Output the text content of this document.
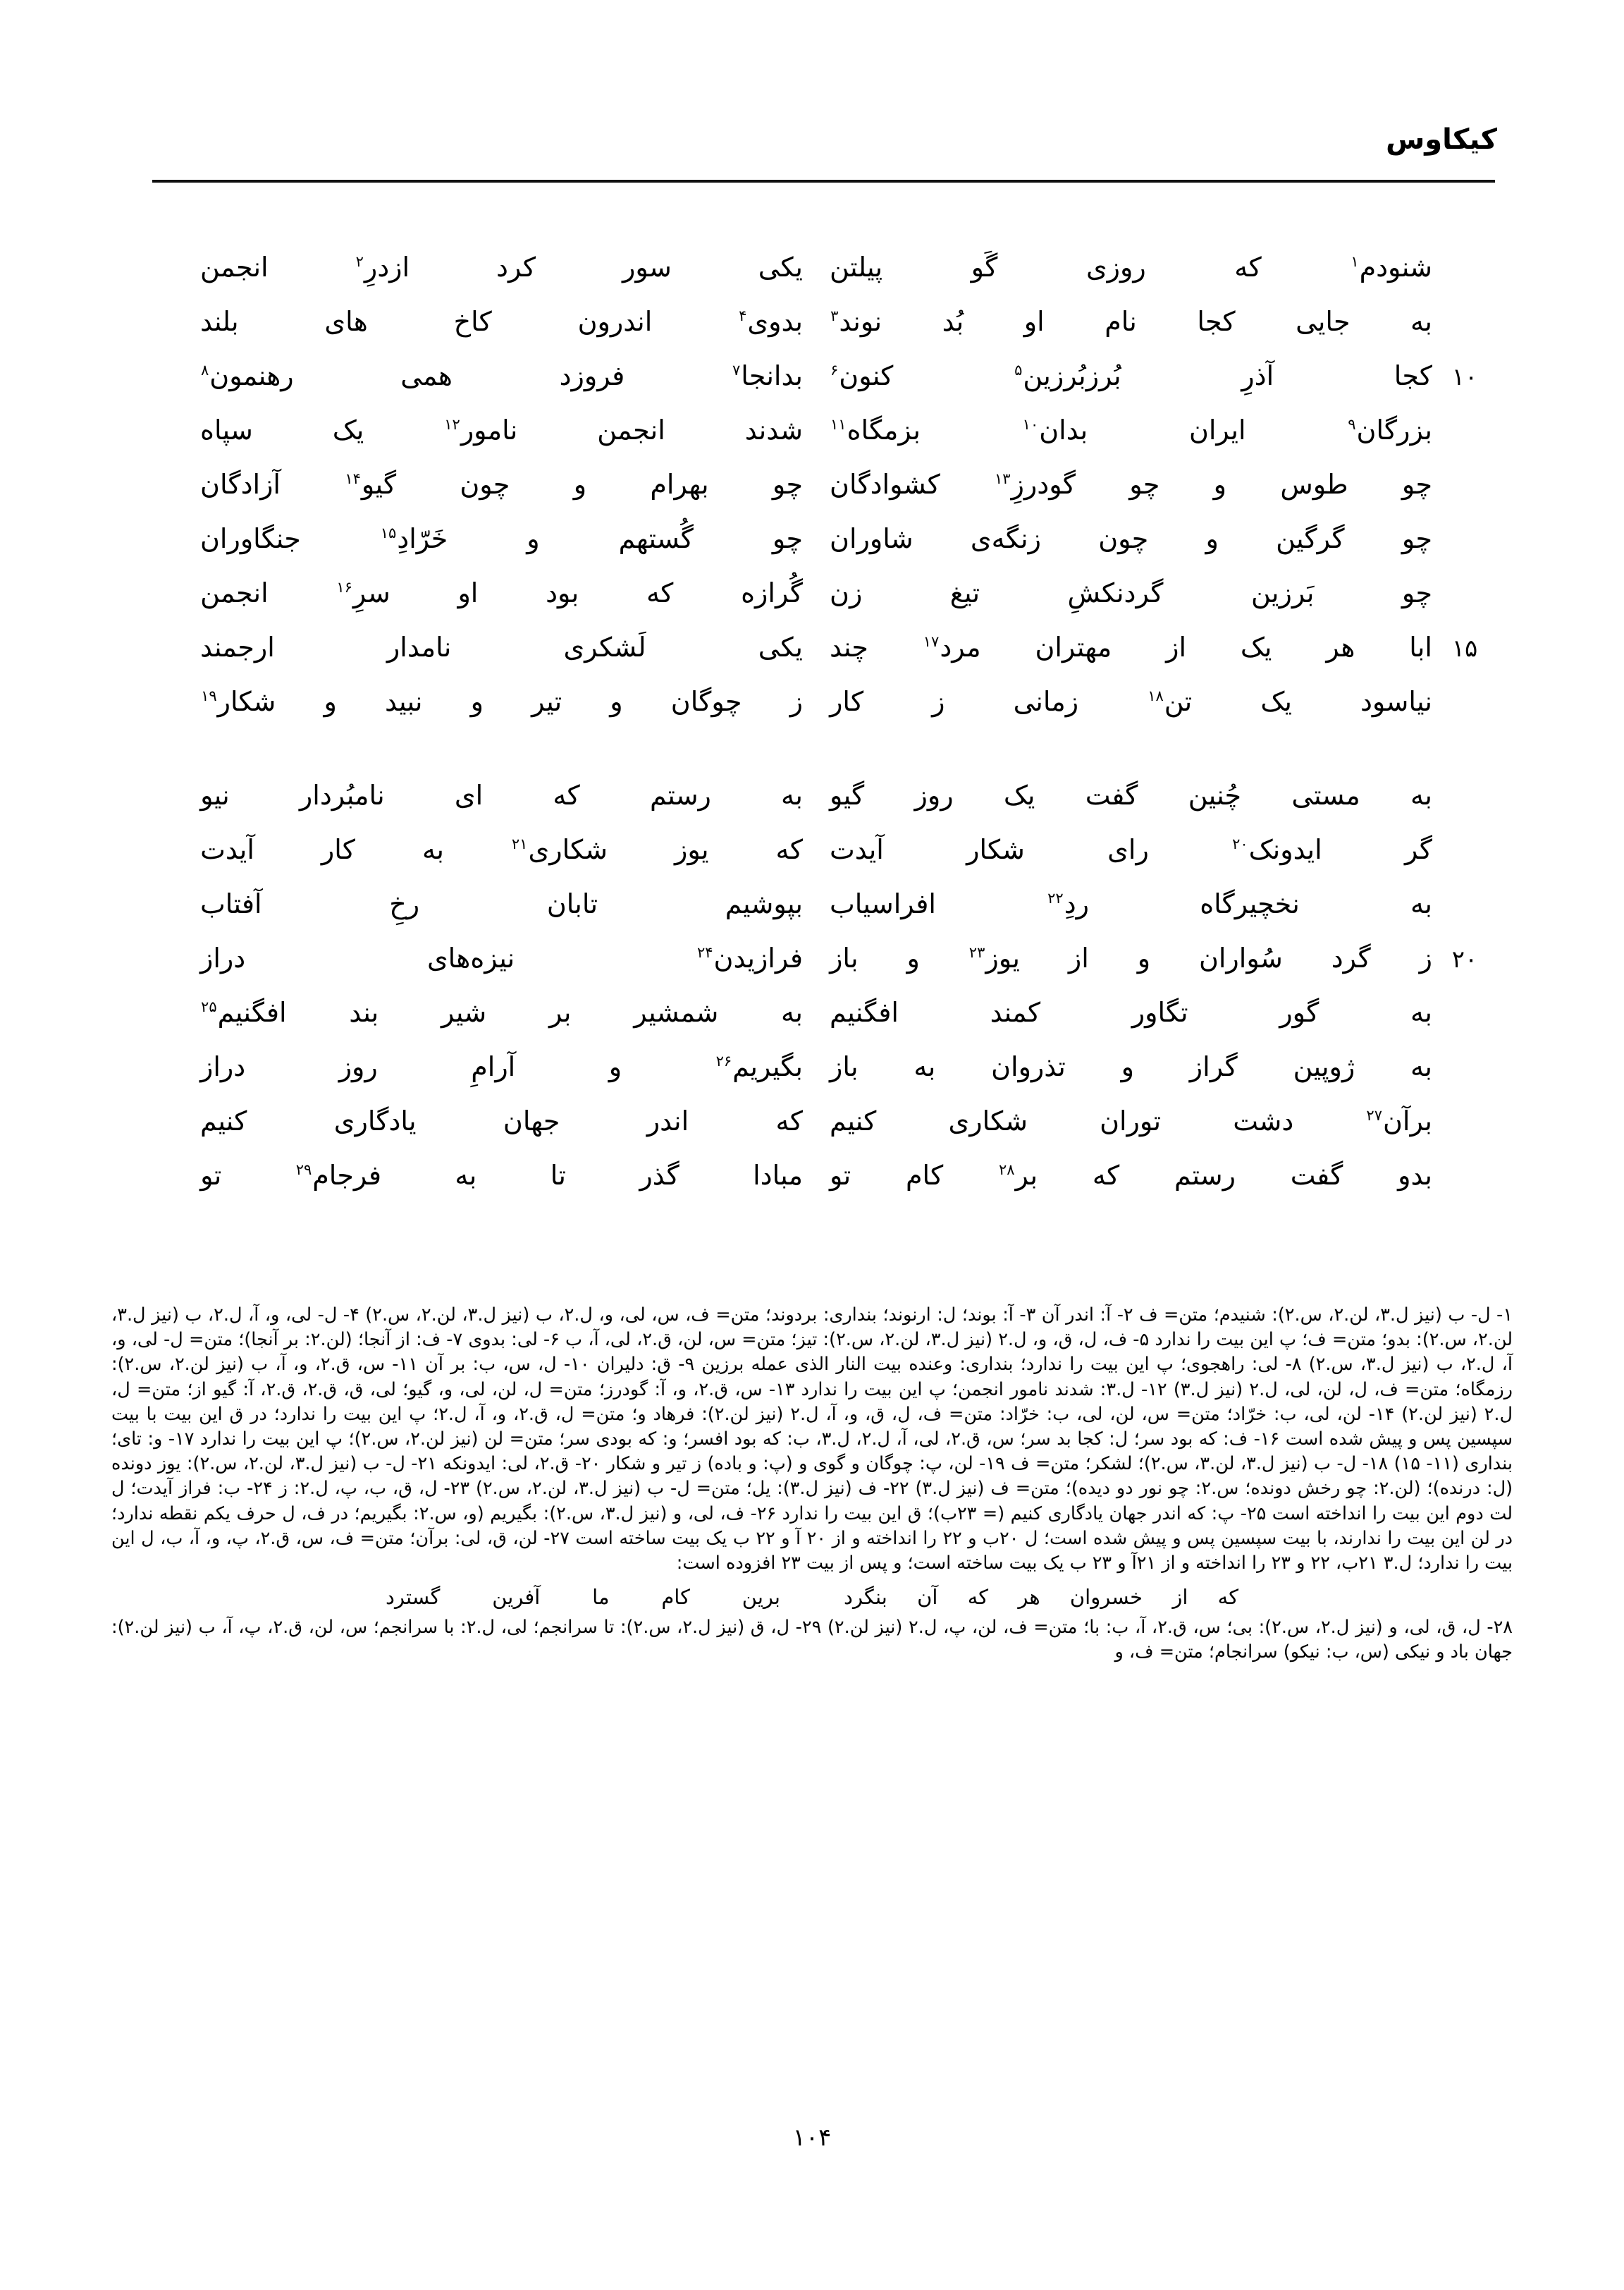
کیکاوس
شنودم$^۱$
که
روزی
گَو
پیلتن
یکی
سور
کرد
ازدرِ$^۲$
انجمن
به
جایی
کجا
نام
او
بُد
نوند$^۳$
بدوی$^۴$
اندرون
کاخ
های
بلند
۱۰
کجا
آذرِ
بُرزبُرزین$^۵$
کنون$^۶$
بدانجا$^۷$
فروزد
همی
رهنمون$^۸$
بزرگان$^۹$
ایران
بدان$^{۱۰}$
بزمگاه$^{۱۱}$
شدند
انجمن
نامور$^{۱۲}$
یک
سپاه
چو
طوس
و
چو
گودرزِ$^{۱۳}$
کشوادگان
چو
بهرام
و
چون
گیو$^{۱۴}$
آزادگان
چو
گرگین
و
چون
زنگه‌ی
شاوران
چو
گُستهم
و
خَرّادِ$^{۱۵}$
جنگاوران
چو
بَرزین
گردنکشِ
تیغ
زن
گُرازه
که
بود
او
سرِ$^{۱۶}$
انجمن
۱۵
ابا
هر
یک
از
مهتران
مرد$^{۱۷}$
چند
یکی
لَشکری
نامدار
ارجمند
نیاسود
یک
تن$^{۱۸}$
زمانی
ز
کار
ز
چوگان
و
تیر
و
نبید
و
شکار$^{۱۹}$
به
مستی
چُنین
گفت
یک
روز
گیو
به
رستم
که
ای
نامبُردار
نیو
گر
ایدونک$^{۲۰}$
رای
شکار
آیدت
که
یوز
شکاری$^{۲۱}$
به
کار
آیدت
به
نخچیرگاه
ردِ$^{۲۲}$
افراسیاب
بپوشیم
تابان
رخِ
آفتاب
۲۰
ز
گرد
سُواران
و
از
یوز$^{۲۳}$
و
باز
فرازیدن$^{۲۴}$
نیزه‌های
دراز
به
گور
تگاور
کمند
افگنیم
به
شمشیر
بر
شیر
بند
افگنیم$^{۲۵}$
به
ژوپین
گراز
و
تذروان
به
باز
بگیریم$^{۲۶}$
و
آرامِ
روز
دراز
برآن$^{۲۷}$
دشت
توران
شکاری
کنیم
که
اندر
جهان
یادگاری
کنیم
بدو
گفت
رستم
که
بر$^{۲۸}$
کام
تو
مبادا
گذر
تا
به
فرجام$^{۲۹}$
تو
۱- ل- ب (نیز ل.۳، لن.۲، س.۲): شنیدم؛ متن= ف ۲- آ: اندر آن ۳- آ: بوند؛ ل: ارنوند؛ بنداری: بردوند؛ متن= ف، س، لی، و، ل.۲، ب (نیز ل.۳، لن.۲، س.۲) ۴- ل- لی، و، آ، ل.۲، ب (نیز ل.۳، لن.۲، س.۲): بدو؛ متن= ف؛ پ این بیت را ندارد ۵- ف، ل، ق، و، ل.۲ (نیز ل.۳، لن.۲، س.۲): تیز؛ متن= س، لن، ق.۲، لی، آ، ب ۶- لی: بدوی ۷- ف: از آنجا؛ (لن.۲: بر آنجا)؛ متن= ل- لی، و، آ، ل.۲، ب (نیز ل.۳، س.۲) ۸- لی: راهجوی؛ پ این بیت را ندارد؛ بنداری: وعنده بیت النار الذی عمله برزین ۹- ق: دلیران ۱۰- ل، س، ب: بر آن ۱۱- س، ق.۲، و، آ، ب (نیز لن.۲، س.۲): رزمگاه؛ متن= ف، ل، لن، لی، ل.۲ (نیز ل.۳) ۱۲- ل.۳: شدند نامور انجمن؛ پ این بیت را ندارد ۱۳- س، ق.۲، و، آ: گودرز؛ متن= ل، لن، لی، و، گیو؛ لی، ق، ق.۲، ق.۲، آ: گیو از؛ متن= ل، ل.۲ (نیز لن.۲) ۱۴- لن، لی، ب: خرّاد؛ متن= س، لن، لی، ب: خرّاد: متن= ف، ل، ق، و، آ، ل.۲ (نیز لن.۲): فرهاد و؛ متن= ل، ق.۲، و، آ، ل.۲؛ پ این بیت را ندارد؛ در ق این بیت با بیت سپسین پس و پیش شده است ۱۶- ف: که بود سر؛ ل: کجا بد سر؛ س، ق.۲، لی، آ، ل.۲، ل.۳، ب: که بود افسر؛ و: که بودی سر؛ متن= لن (نیز لن.۲، س.۲)؛ پ این بیت را ندارد ۱۷- و: تای؛ بنداری (۱۱- ۱۵) ۱۸- ل- ب (نیز ل.۳، لن.۳، س.۲)؛ لشکر؛ متن= ف ۱۹- لن، پ: چوگان و گوی و (پ: و باده) ز تیر و شکار ۲۰- ق.۲، لی: ایدونکه ۲۱- ل- ب (نیز ل.۳، لن.۲، س.۲): یوز دونده (ل: درنده)؛ (لن.۲: چو رخش دونده؛ س.۲: چو نور دو دیده)؛ متن= ف (نیز ل.۳) ۲۲- ف (نیز ل.۳): یل؛ متن= ل- ب (نیز ل.۳، لن.۲، س.۲) ۲۳- ل، ق، ب، پ، ل.۲: ز ۲۴- ب: فراز آیدت؛ ل لت دوم این بیت را انداخته است ۲۵- پ: که اندر جهان یادگاری کنیم (= ۲۳ب)؛ ق این بیت را ندارد ۲۶- ف، لی، و (نیز ل.۳، س.۲): بگیریم (و، س.۲: بگیریم؛ در ف، ل حرف یکم نقطه ندارد؛ در لن این بیت را ندارند، با بیت سپسین پس و پیش شده است؛ ل ۲۰ب و ۲۲ را انداخته و از ۲۰ آ و ۲۲ ب یک بیت ساخته است ۲۷- لن، ق، لی: برآن؛ متن= ف، س، ق.۲، پ، و، آ، ب، ل این بیت را ندارد؛ ل.۳ ۲۱ب، ۲۲ و ۲۳ را انداخته و از ۲۱آ و ۲۳ ب یک بیت ساخته است؛ و پس از بیت ۲۳ افزوده است:
که
از
خسروان
هر
که
آن
بنگرد
برین
کام
ما
آفرین
گسترد
۲۸- ل، ق، لی، و (نیز ل.۲، س.۲): بی؛ س، ق.۲، آ، ب: با؛ متن= ف، لن، پ، ل.۲ (نیز لن.۲) ۲۹- ل، ق (نیز ل.۲، س.۲): تا سرانجم؛ لی، ل.۲: با سرانجم؛ س، لن، ق.۲، پ، آ، ب (نیز لن.۲): جهان باد و نیکی (س، ب: نیکو) سرانجام؛ متن= ف، و
۱۰۴
